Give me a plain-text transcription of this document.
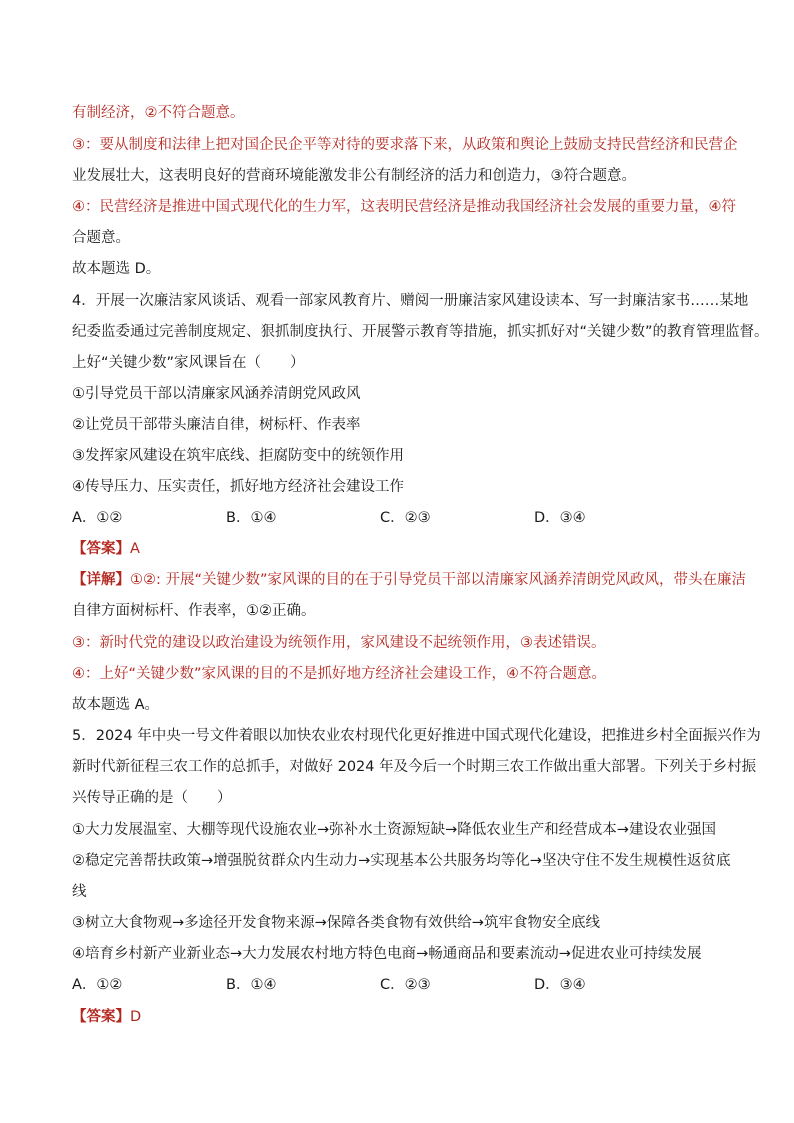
有制经济，②不符合题意。
③：要从制度和法律上把对国企民企平等对待的要求落下来，从政策和舆论上鼓励支持民营经济和民营企
业发展壮大，这表明良好的营商环境能激发非公有制经济的活力和创造力，③符合题意。
④：民营经济是推进中国式现代化的生力军，这表明民营经济是推动我国经济社会发展的重要力量，④符
合题意。
故本题选 D。
4．开展一次廉洁家风谈话、观看一部家风教育片、赠阅一册廉洁家风建设读本、写一封廉洁家书……某地
纪委监委通过完善制度规定、狠抓制度执行、开展警示教育等措施，抓实抓好对“关键少数”的教育管理监督。
上好“关键少数”家风课旨在（　　）
①引导党员干部以清廉家风涵养清朗党风政风
②让党员干部带头廉洁自律，树标杆、作表率
③发挥家风建设在筑牢底线、拒腐防变中的统领作用
④传导压力、压实责任，抓好地方经济社会建设工作
A．①②	B．①④	C．②③	D．③④
【答案】A
【详解】①②: 开展“关键少数”家风课的目的在于引导党员干部以清廉家风涵养清朗党风政风，带头在廉洁
自律方面树标杆、作表率，①②正确。
③：新时代党的建设以政治建设为统领作用，家风建设不起统领作用，③表述错误。
④：上好“关键少数”家风课的目的不是抓好地方经济社会建设工作，④不符合题意。
故本题选 A。
5．2024 年中央一号文件着眼以加快农业农村现代化更好推进中国式现代化建设，把推进乡村全面振兴作为
新时代新征程三农工作的总抓手，对做好 2024 年及今后一个时期三农工作做出重大部署。下列关于乡村振
兴传导正确的是（　　）
①大力发展温室、大棚等现代设施农业→弥补水土资源短缺→降低农业生产和经营成本→建设农业强国
②稳定完善帮扶政策→增强脱贫群众内生动力→实现基本公共服务均等化→坚决守住不发生规模性返贫底
线
③树立大食物观→多途径开发食物来源→保障各类食物有效供给→筑牢食物安全底线
④培育乡村新产业新业态→大力发展农村地方特色电商→畅通商品和要素流动→促进农业可持续发展
A．①②	B．①④	C．②③	D．③④
【答案】D
